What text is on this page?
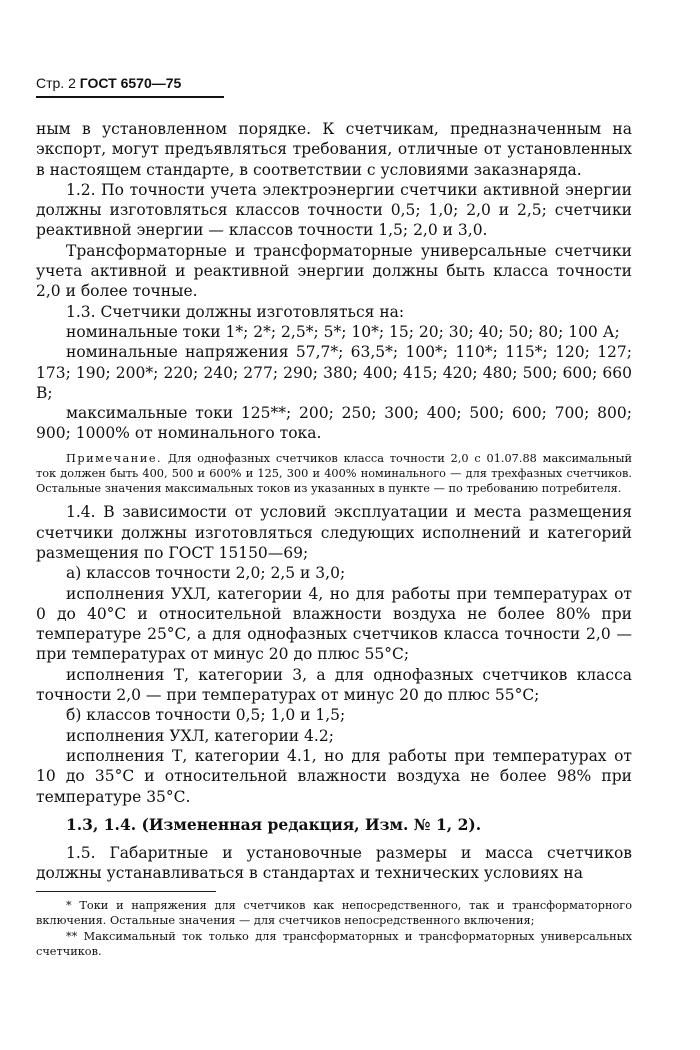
Стр. 2 ГОСТ 6570—75

ным в установленном порядке. К счетчикам, предназначенным на экспорт, могут предъявляться требования, отличные от установленных в настоящем стандарте, в соответствии с условиями заказнаряда.

1.2. По точности учета электроэнергии счетчики активной энергии должны изготовляться классов точности 0,5; 1,0; 2,0 и 2,5; счетчики реактивной энергии — классов точности 1,5; 2,0 и 3,0.

Трансформаторные и трансформаторные универсальные счетчики учета активной и реактивной энергии должны быть класса точности 2,0 и более точные.

1.3. Счетчики должны изготовляться на:

номинальные токи 1*; 2*; 2,5*; 5*; 10*; 15; 20; 30; 40; 50; 80; 100 А;

номинальные напряжения 57,7*; 63,5*; 100*; 110*; 115*; 120; 127; 173; 190; 200*; 220; 240; 277; 290; 380; 400; 415; 420; 480; 500; 600; 660 В;

максимальные токи 125**; 200; 250; 300; 400; 500; 600; 700; 800; 900; 1000% от номинального тока.

Примечание. Для однофазных счетчиков класса точности 2,0 с 01.07.88 максимальный ток должен быть 400, 500 и 600% и 125, 300 и 400% номинального — для трехфазных счетчиков. Остальные значения максимальных токов из указанных в пункте — по требованию потребителя.

1.4. В зависимости от условий эксплуатации и места размещения счетчики должны изготовляться следующих исполнений и категорий размещения по ГОСТ 15150—69;

а) классов точности 2,0; 2,5 и 3,0;

исполнения УХЛ, категории 4, но для работы при температурах от 0 до 40°С и относительной влажности воздуха не более 80% при температуре 25°С, а для однофазных счетчиков класса точности 2,0 — при температурах от минус 20 до плюс 55°С;

исполнения Т, категории 3, а для однофазных счетчиков класса точности 2,0 — при температурах от минус 20 до плюс 55°С;

б) классов точности 0,5; 1,0 и 1,5;

исполнения УХЛ, категории 4.2;

исполнения Т, категории 4.1, но для работы при температурах от 10 до 35°С и относительной влажности воздуха не более 98% при температуре 35°С.

1.3, 1.4. (Измененная редакция, Изм. № 1, 2).

1.5. Габаритные и установочные размеры и масса счетчиков должны устанавливаться в стандартах и технических условиях на

* Токи и напряжения для счетчиков как непосредственного, так и трансформаторного включения. Остальные значения — для счетчиков непосредственного включения;

** Максимальный ток только для трансформаторных и трансформаторных универсальных счетчиков.
